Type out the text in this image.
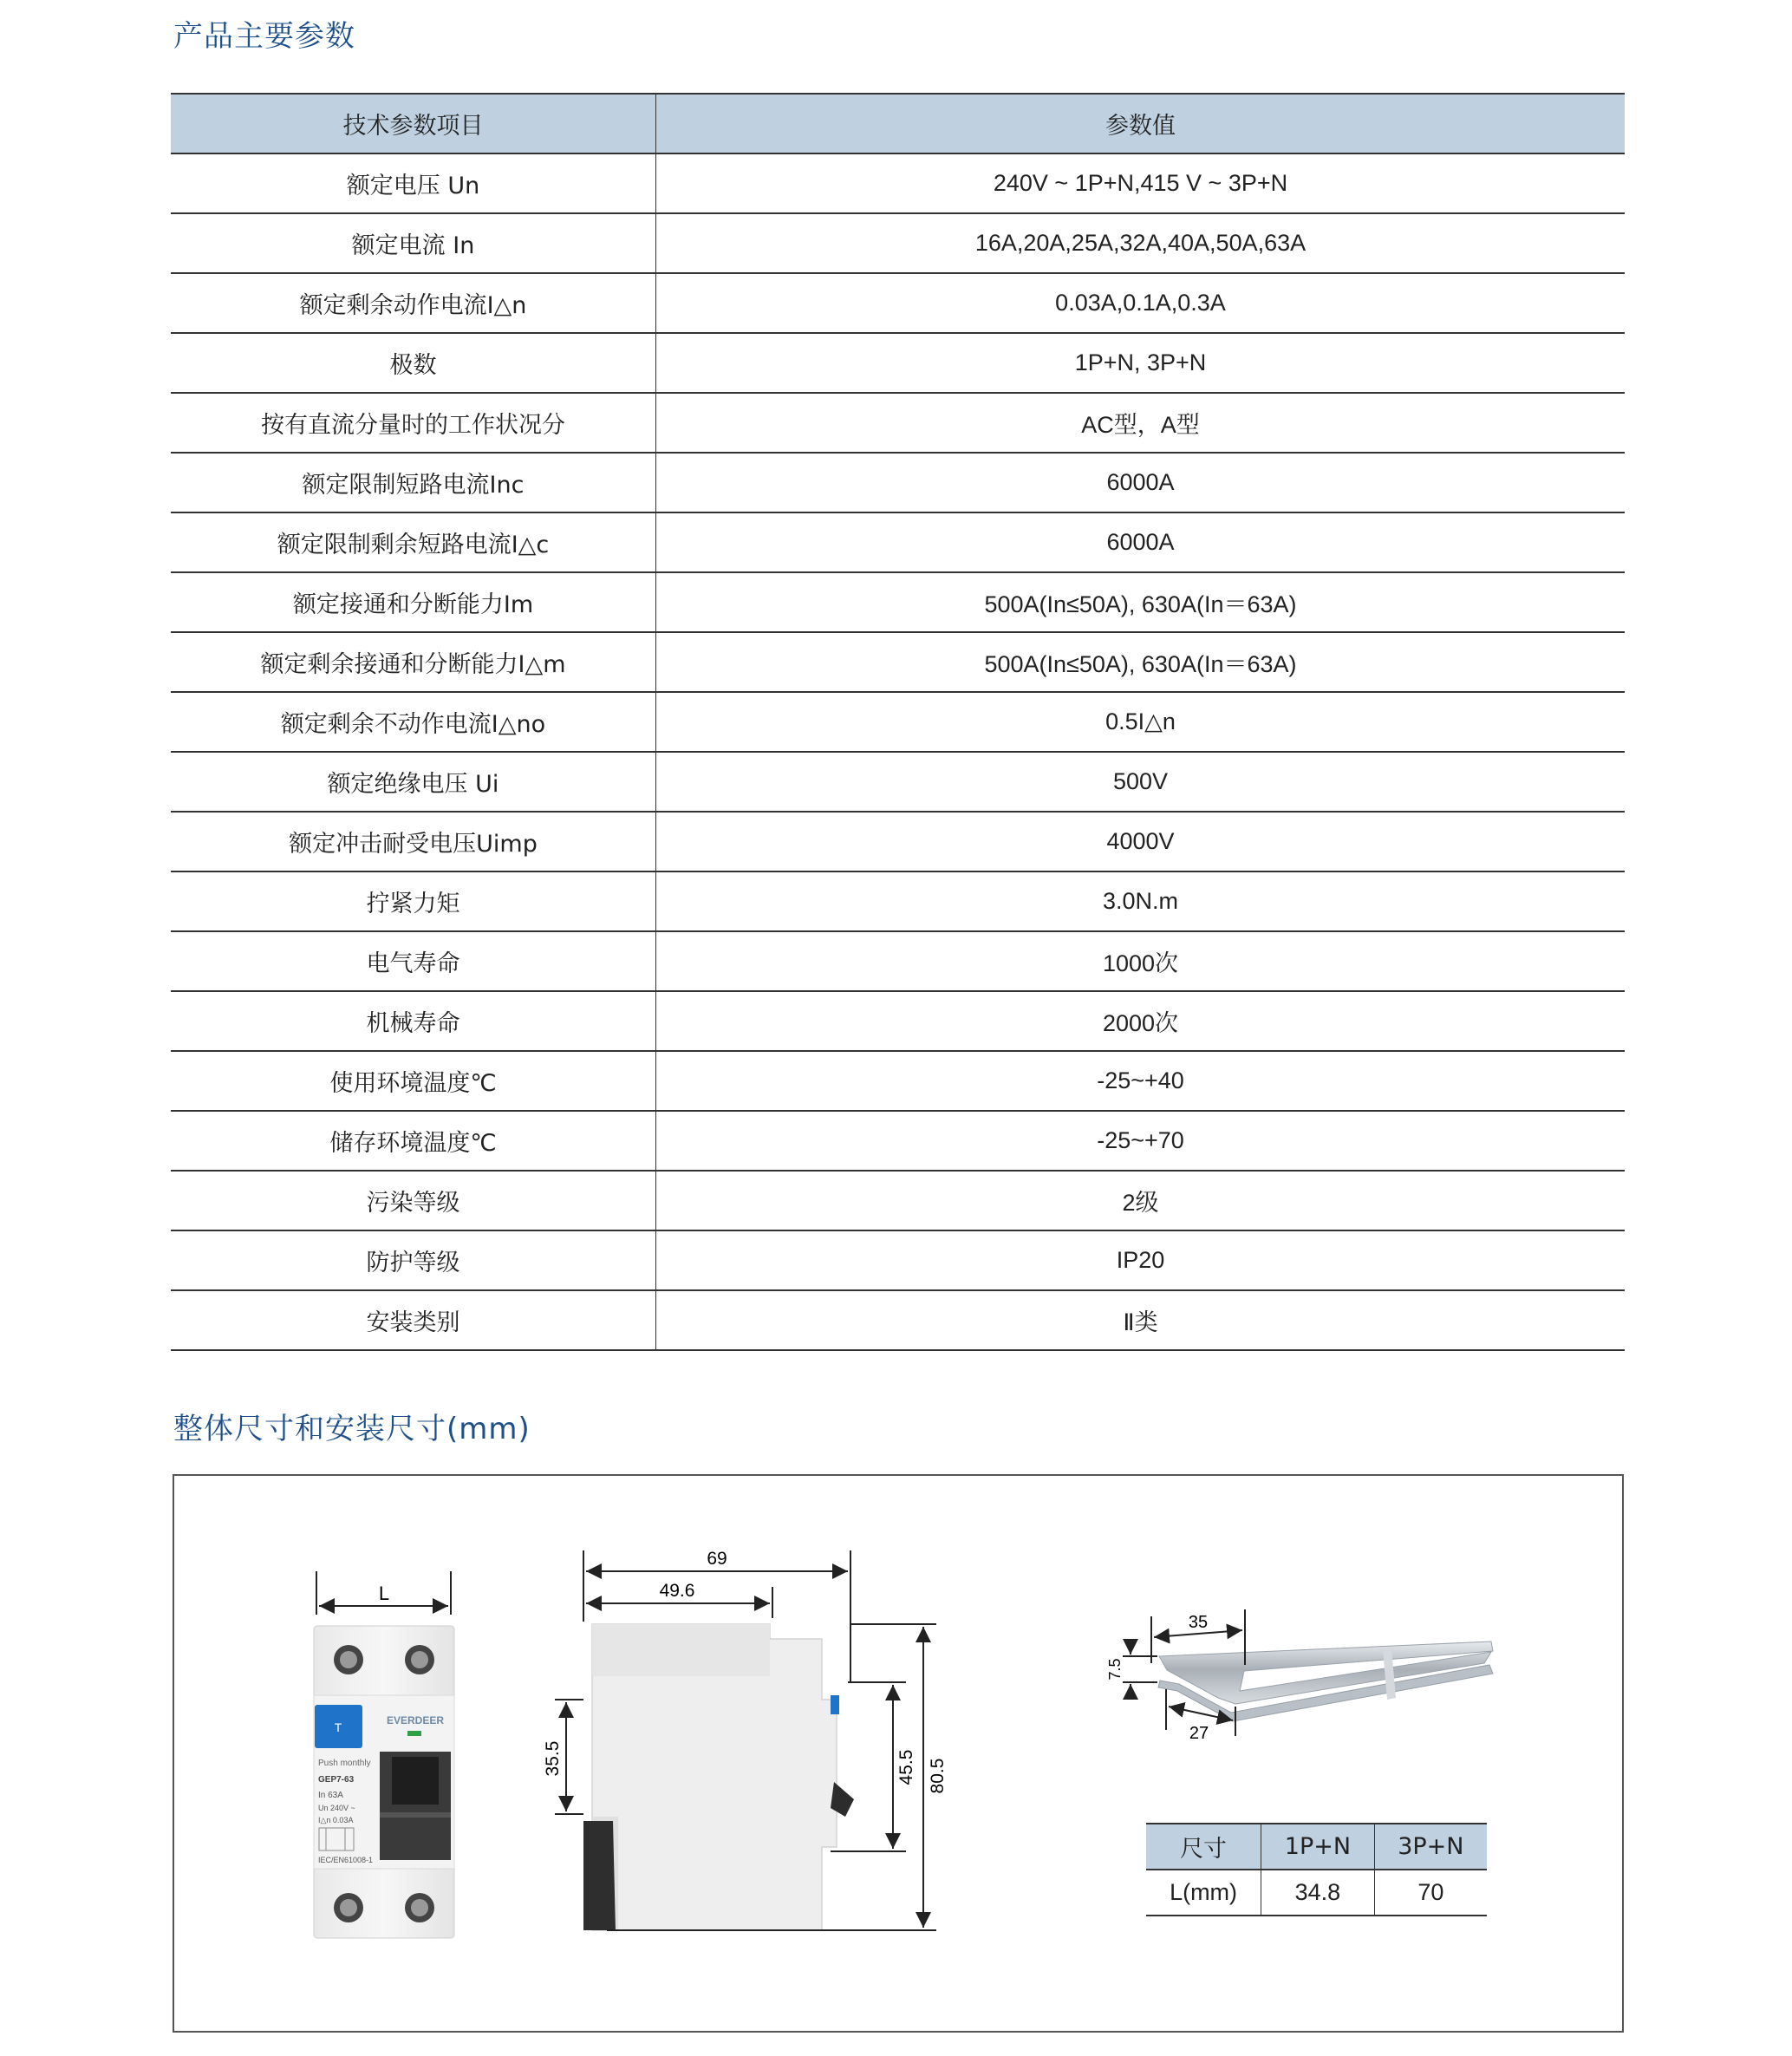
产品主要参数
技术参数项目	参数值
额定电压 Un	240V ~ 1P+N,415 V ~ 3P+N
额定电流 In	16A,20A,25A,32A,40A,50A,63A
额定剩余动作电流I△n	0.03A,0.1A,0.3A
极数	1P+N, 3P+N
按有直流分量时的工作状况分	AC型，A型
额定限制短路电流Inc	6000A
额定限制剩余短路电流I△c	6000A
额定接通和分断能力Im	500A(In≤50A), 630A(In＝63A)
额定剩余接通和分断能力I△m	500A(In≤50A), 630A(In＝63A)
额定剩余不动作电流I△no	0.5I△n
额定绝缘电压 Ui	500V
额定冲击耐受电压Uimp	4000V
拧紧力矩	3.0N.m
电气寿命	1000次
机械寿命	2000次
使用环境温度℃	-25~+40
储存环境温度℃	-25~+70
污染等级	2级
防护等级	IP20
安装类别	Ⅱ类
整体尺寸和安装尺寸(mm)
L
T	EVERDEER
Push monthly
GEP7-63
In 63A
Un 240V ~
I△n 0.03A
IEC/EN61008-1
69
49.6
35.5	45.5 80.5
35
7.5
27
尺寸	1P+N	3P+N
L(mm)	34.8	70
